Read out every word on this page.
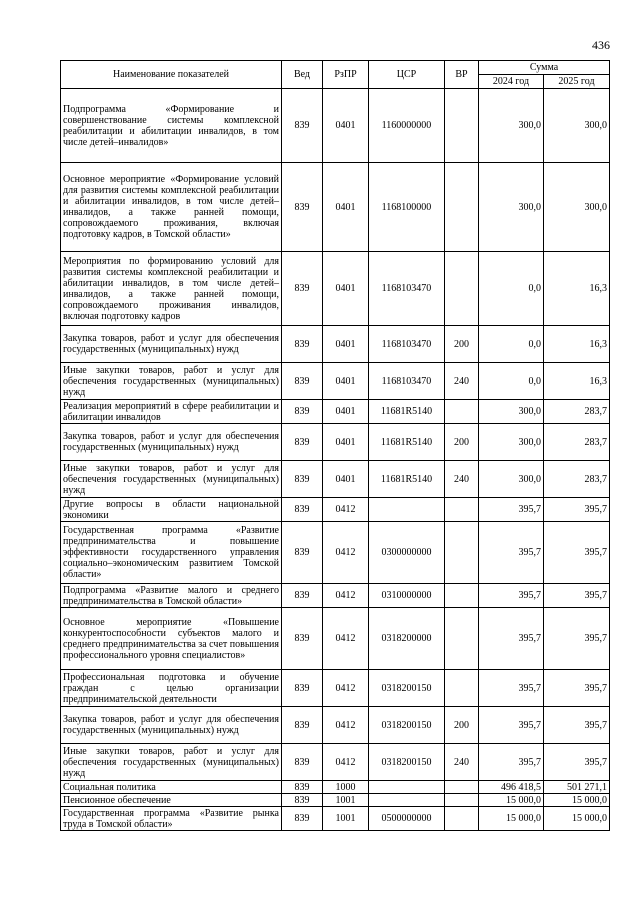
436
Наименование показателей	Вед	РзПР	ЦСР	ВР	Сумма	
					2024 год	2025 год
Подпрограмма «Формирование и совершенствование системы комплексной реабилитации и абилитации инвалидов, в том числе детей–инвалидов»	839	0401	1160000000		300,0	300,0
Основное мероприятие «Формирование условий для развития системы комплексной реабилитации и абилитации инвалидов, в том числе детей–инвалидов, а также ранней помощи, сопровождаемого проживания, включая подготовку кадров, в Томской области»	839	0401	1168100000		300,0	300,0
Мероприятия по формированию условий для развития системы комплексной реабилитации и абилитации инвалидов, в том числе детей–инвалидов, а также ранней помощи, сопровождаемого проживания инвалидов, включая подготовку кадров	839	0401	1168103470		0,0	16,3
Закупка товаров, работ и услуг для обеспечения государственных (муниципальных) нужд	839	0401	1168103470	200	0,0	16,3
Иные закупки товаров, работ и услуг для обеспечения государственных (муниципальных) нужд	839	0401	1168103470	240	0,0	16,3
Реализация мероприятий в сфере реабилитации и абилитации инвалидов	839	0401	11681R5140		300,0	283,7
Закупка товаров, работ и услуг для обеспечения государственных (муниципальных) нужд	839	0401	11681R5140	200	300,0	283,7
Иные закупки товаров, работ и услуг для обеспечения государственных (муниципальных) нужд	839	0401	11681R5140	240	300,0	283,7
Другие вопросы в области национальной экономики	839	0412			395,7	395,7
Государственная программа «Развитие предпринимательства и повышение эффективности государственного управления социально–экономическим развитием Томской области»	839	0412	0300000000		395,7	395,7
Подпрограмма «Развитие малого и среднего предпринимательства в Томской области»	839	0412	0310000000		395,7	395,7
Основное мероприятие «Повышение конкурентоспособности субъектов малого и среднего предпринимательства за счет повышения профессионального уровня специалистов»	839	0412	0318200000		395,7	395,7
Профессиональная подготовка и обучение граждан с целью организации предпринимательской деятельности	839	0412	0318200150		395,7	395,7
Закупка товаров, работ и услуг для обеспечения государственных (муниципальных) нужд	839	0412	0318200150	200	395,7	395,7
Иные закупки товаров, работ и услуг для обеспечения государственных (муниципальных) нужд	839	0412	0318200150	240	395,7	395,7
Социальная политика	839	1000			496 418,5	501 271,1
Пенсионное обеспечение	839	1001			15 000,0	15 000,0
Государственная программа «Развитие рынка труда в Томской области»	839	1001	0500000000		15 000,0	15 000,0
